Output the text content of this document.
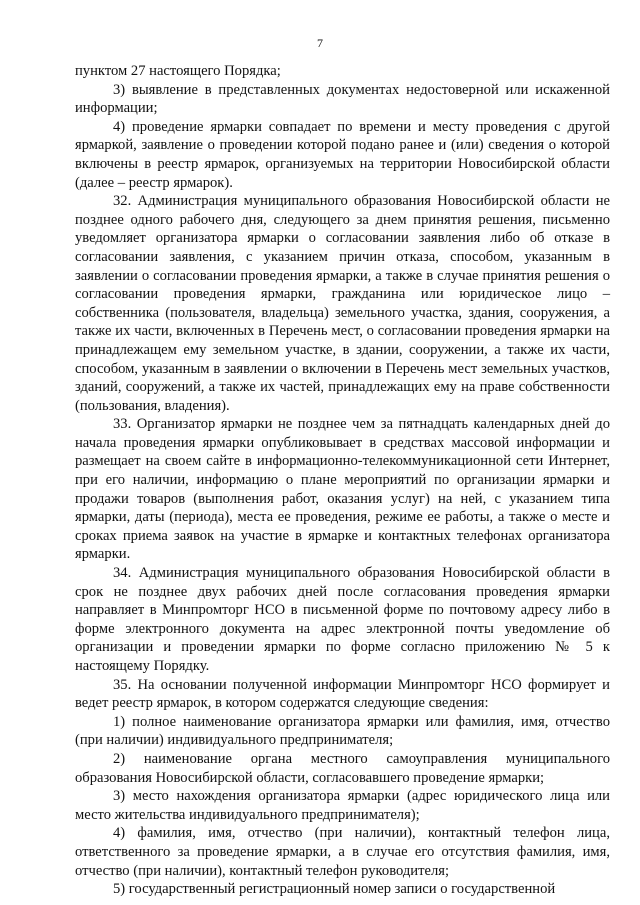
7

пунктом 27 настоящего Порядка;

3) выявление в представленных документах недостоверной или искаженной информации;

4) проведение ярмарки совпадает по времени и месту проведения с другой ярмаркой, заявление о проведении которой подано ранее и (или) сведения о которой включены в реестр ярмарок, организуемых на территории Новосибирской области (далее – реестр ярмарок).

32. Администрация муниципального образования Новосибирской области не позднее одного рабочего дня, следующего за днем принятия решения, письменно уведомляет организатора ярмарки о согласовании заявления либо об отказе в согласовании заявления, с указанием причин отказа, способом, указанным в заявлении о согласовании проведения ярмарки, а также в случае принятия решения о согласовании проведения ярмарки, гражданина или юридическое лицо – собственника (пользователя, владельца) земельного участка, здания, сооружения, а также их части, включенных в Перечень мест, о согласовании проведения ярмарки на принадлежащем ему земельном участке, в здании, сооружении, а также их части, способом, указанным в заявлении о включении в Перечень мест земельных участков, зданий, сооружений, а также их частей, принадлежащих ему на праве собственности (пользования, владения).

33. Организатор ярмарки не позднее чем за пятнадцать календарных дней до начала проведения ярмарки опубликовывает в средствах массовой информации и размещает на своем сайте в информационно-телекоммуникационной сети Интернет, при его наличии, информацию о плане мероприятий по организации ярмарки и продажи товаров (выполнения работ, оказания услуг) на ней, с указанием типа ярмарки, даты (периода), места ее проведения, режиме ее работы, а также о месте и сроках приема заявок на участие в ярмарке и контактных телефонах организатора ярмарки.

34. Администрация муниципального образования Новосибирской области в срок не позднее двух рабочих дней после согласования проведения ярмарки направляет в Минпромторг НСО в письменной форме по почтовому адресу либо в форме электронного документа на адрес электронной почты уведомление об организации и проведении ярмарки по форме согласно приложению № 5 к настоящему Порядку.

35. На основании полученной информации Минпромторг НСО формирует и ведет реестр ярмарок, в котором содержатся следующие сведения:

1) полное наименование организатора ярмарки или фамилия, имя, отчество (при наличии) индивидуального предпринимателя;

2) наименование органа местного самоуправления муниципального образования Новосибирской области, согласовавшего проведение ярмарки;

3) место нахождения организатора ярмарки (адрес юридического лица или место жительства индивидуального предпринимателя);

4) фамилия, имя, отчество (при наличии), контактный телефон лица, ответственного за проведение ярмарки, а в случае его отсутствия фамилия, имя, отчество (при наличии), контактный телефон руководителя;

5) государственный регистрационный номер записи о государственной
